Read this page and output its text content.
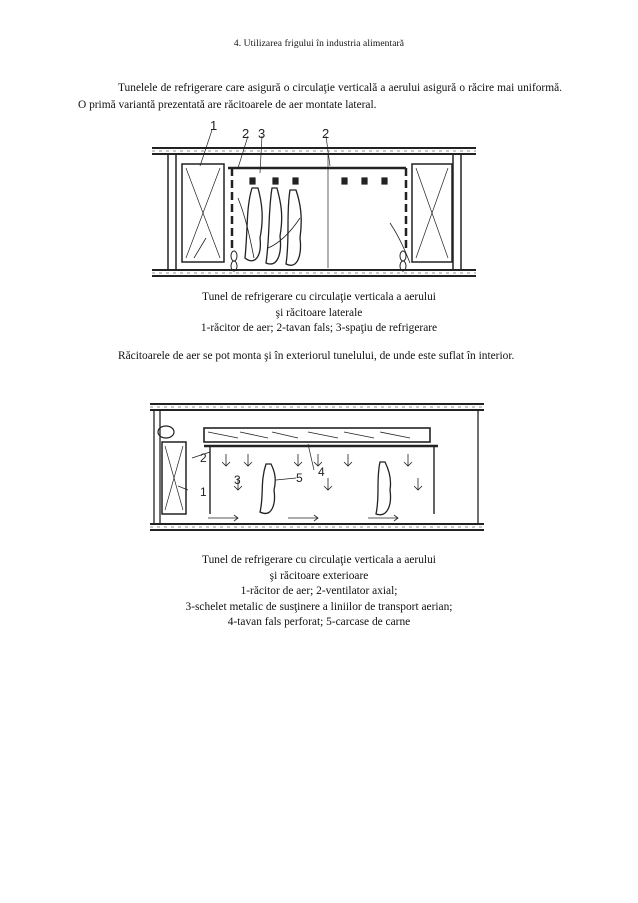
4. Utilizarea frigului în industria alimentară

Tunelele de refrigerare care asigură o circulaţie verticală a aerului asigură o răcire mai uniformă. O primă variantă prezentată are răcitoarele de aer montate lateral.

1
2 3	2
Tunel de refrigerare cu circulaţie verticala a aerului
şi răcitoare laterale
1-răcitor de aer; 2-tavan fals; 3-spaţiu de refrigerare

Răcitoarele de aer se pot monta şi în exteriorul tunelului, de unde este suflat în interior.

2
3
1
4
5
Tunel de refrigerare cu circulaţie verticala a aerului
şi răcitoare exterioare
1-răcitor de aer; 2-ventilator axial;
3-schelet metalic de susţinere a liniilor de transport aerian;
4-tavan fals perforat; 5-carcase de carne
